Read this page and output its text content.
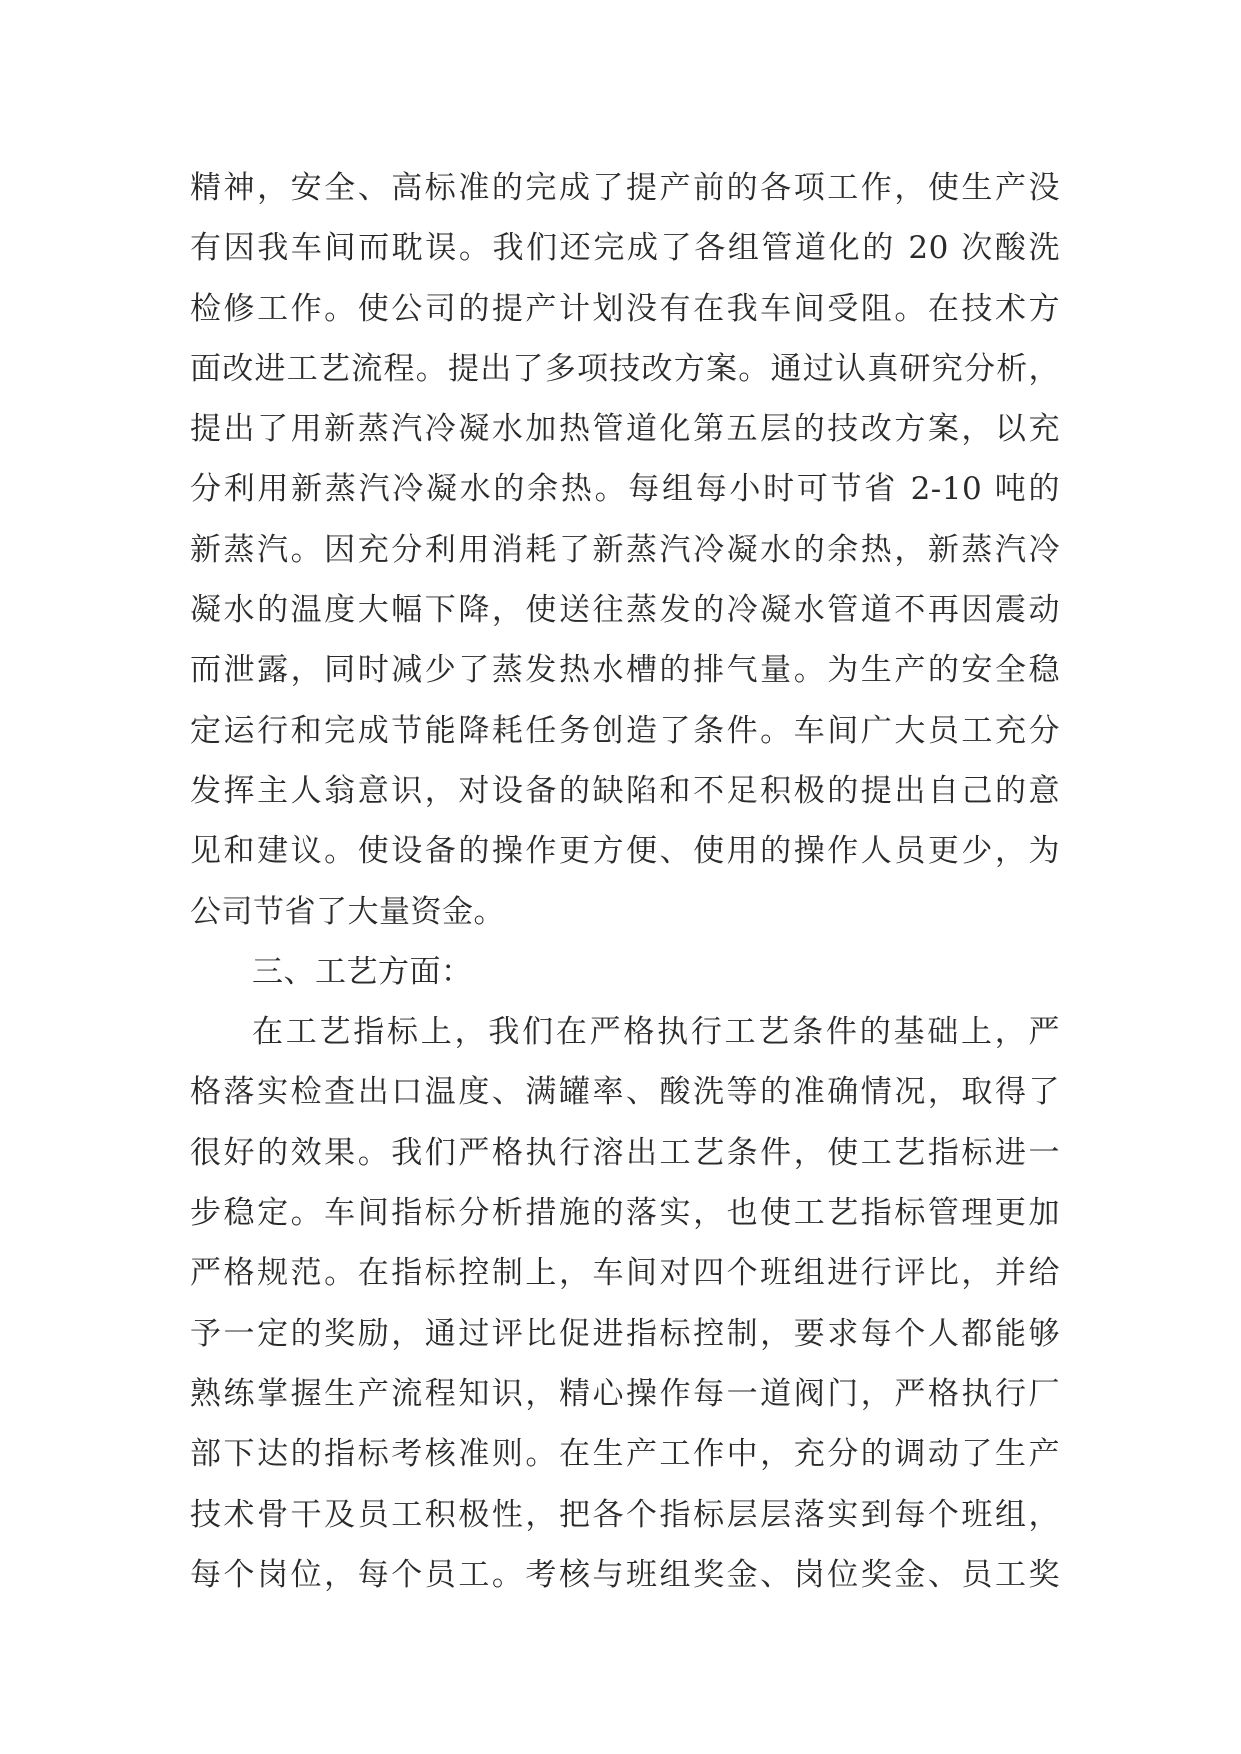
精神，安全、高标准的完成了提产前的各项工作，使生产没
有因我车间而耽误。我们还完成了各组管道化的 20 次酸洗
检修工作。使公司的提产计划没有在我车间受阻。在技术方
面改进工艺流程。提出了多项技改方案。通过认真研究分析，
提出了用新蒸汽冷凝水加热管道化第五层的技改方案，以充
分利用新蒸汽冷凝水的余热。每组每小时可节省 2-10 吨的
新蒸汽。因充分利用消耗了新蒸汽冷凝水的余热，新蒸汽冷
凝水的温度大幅下降，使送往蒸发的冷凝水管道不再因震动
而泄露，同时减少了蒸发热水槽的排气量。为生产的安全稳
定运行和完成节能降耗任务创造了条件。车间广大员工充分
发挥主人翁意识，对设备的缺陷和不足积极的提出自己的意
见和建议。使设备的操作更方便、使用的操作人员更少，为
公司节省了大量资金。
三、工艺方面：
在工艺指标上，我们在严格执行工艺条件的基础上，严
格落实检查出口温度、满罐率、酸洗等的准确情况，取得了
很好的效果。我们严格执行溶出工艺条件，使工艺指标进一
步稳定。车间指标分析措施的落实，也使工艺指标管理更加
严格规范。在指标控制上，车间对四个班组进行评比，并给
予一定的奖励，通过评比促进指标控制，要求每个人都能够
熟练掌握生产流程知识，精心操作每一道阀门，严格执行厂
部下达的指标考核准则。在生产工作中，充分的调动了生产
技术骨干及员工积极性，把各个指标层层落实到每个班组，
每个岗位，每个员工。考核与班组奖金、岗位奖金、员工奖
